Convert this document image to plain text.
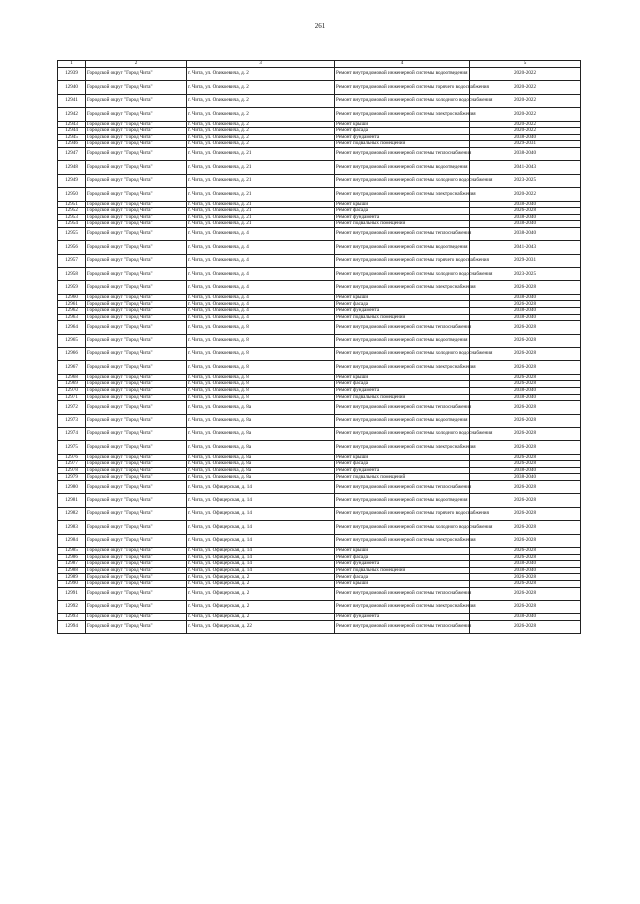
261
1	2	3	4	5
12939	Городской округ "Город Чита"	г. Чита, ул. Onикоевича, д. 2	Ремонт внутридомовой инженерной системы водоотведения	2020-2022
12940	Городской округ "Город Чита"	г. Чита, ул. Onикоевича, д. 2	Ремонт внутридомовой инженерной системы горячего водоснабжения	2020-2022
12941	Городской округ "Город Чита"	г. Чита, ул. Onикоевича, д. 2	Ремонт внутридомовой инженерной системы холодного водоснабжения	2020-2022
12942	Городской округ "Город Чита"	г. Чита, ул. Onикоевича, д. 2	Ремонт внутридомовой инженерной системы электроснабжения	2020-2022
12943	Городской округ "Город Чита"	г. Чита, ул. Onикоевича, д. 2	Ремонт крыши	2020-2022
12944	Городской округ "Город Чита"	г. Чита, ул. Onикоевича, д. 2	Ремонт фасада	2020-2022
12945	Городской округ "Город Чита"	г. Чита, ул. Onикоевича, д. 2	Ремонт фундамента	2038-2040
12946	Городской округ "Город Чита"	г. Чита, ул. Onикоевича, д. 2	Ремонт подвальных помещений	2029-2031
12947	Городской округ "Город Чита"	г. Чита, ул. Onикоевича, д. 21	Ремонт внутридомовой инженерной системы теплоснабжения	2038-2040
12948	Городской округ "Город Чита"	г. Чита, ул. Onикоевича, д. 21	Ремонт внутридомовой инженерной системы водоотведения	2041-2043
12949	Городской округ "Город Чита"	г. Чита, ул. Onикоевича, д. 21	Ремонт внутридомовой инженерной системы холодного водоснабжения	2023-2025
12950	Городской округ "Город Чита"	г. Чита, ул. Onикоевича, д. 21	Ремонт внутридомовой инженерной системы электроснабжения	2020-2022
12951	Городской округ "Город Чита"	г. Чита, ул. Onикоевича, д. 21	Ремонт крыши	2038-2040
12952	Городской округ "Город Чита"	г. Чита, ул. Onикоевича, д. 21	Ремонт фасада	2026-2028
12953	Городской округ "Город Чита"	г. Чита, ул. Onикоевича, д. 21	Ремонт фундамента	2038-2040
12954	Городской округ "Город Чита"	г. Чита, ул. Onикоевича, д. 21	Ремонт подвальных помещений	2038-2040
12955	Городской округ "Город Чита"	г. Чита, ул. Onикоевича, д. 4	Ремонт внутридомовой инженерной системы теплоснабжения	2038-2040
12956	Городской округ "Город Чита"	г. Чита, ул. Onикоевича, д. 4	Ремонт внутридомовой инженерной системы водоотведения	2041-2043
12957	Городской округ "Город Чита"	г. Чита, ул. Onикоевича, д. 4	Ремонт внутридомовой инженерной системы горячего водоснабжения	2029-2031
12958	Городской округ "Город Чита"	г. Чита, ул. Onикоевича, д. 4	Ремонт внутридомовой инженерной системы холодного водоснабжения	2023-2025
12959	Городской округ "Город Чита"	г. Чита, ул. Onикоевича, д. 4	Ремонт внутридомовой инженерной системы электроснабжения	2026-2028
12960	Городской округ "Город Чита"	г. Чита, ул. Onикоевича, д. 4	Ремонт крыши	2038-2040
12961	Городской округ "Город Чита"	г. Чита, ул. Onикоевича, д. 4	Ремонт фасада	2026-2028
12962	Городской округ "Город Чита"	г. Чита, ул. Onикоевича, д. 4	Ремонт фундамента	2038-2040
12963	Городской округ "Город Чита"	г. Чита, ул. Onикоевича, д. 4	Ремонт подвальных помещений	2038-2040
12964	Городской округ "Город Чита"	г. Чита, ул. Onикоевича, д. 8	Ремонт внутридомовой инженерной системы теплоснабжения	2026-2028
12965	Городской округ "Город Чита"	г. Чита, ул. Onикоевича, д. 8	Ремонт внутридомовой инженерной системы водоотведения	2026-2028
12966	Городской округ "Город Чита"	г. Чита, ул. Onикоевича, д. 8	Ремонт внутридомовой инженерной системы холодного водоснабжения	2026-2028
12967	Городской округ "Город Чита"	г. Чита, ул. Onикоевича, д. 8	Ремонт внутридомовой инженерной системы электроснабжения	2026-2028
12968	Городской округ "Город Чита"	г. Чита, ул. Onикоевича, д. 8	Ремонт крыши	2026-2028
12969	Городской округ "Город Чита"	г. Чита, ул. Onикоевича, д. 8	Ремонт фасада	2026-2028
12970	Городской округ "Город Чита"	г. Чита, ул. Onикоевича, д. 8	Ремонт фундамента	2038-2040
12971	Городской округ "Город Чита"	г. Чита, ул. Onикоевича, д. 8	Ремонт подвальных помещений	2038-2040
12972	Городской округ "Город Чита"	г. Чита, ул. Onикоевича, д. 8а	Ремонт внутридомовой инженерной системы теплоснабжения	2026-2028
12973	Городской округ "Город Чита"	г. Чита, ул. Onикоевича, д. 8а	Ремонт внутридомовой инженерной системы водоотведения	2026-2028
12974	Городской округ "Город Чита"	г. Чита, ул. Onикоевича, д. 8а	Ремонт внутридомовой инженерной системы холодного водоснабжения	2026-2028
12975	Городской округ "Город Чита"	г. Чита, ул. Onикоевича, д. 8а	Ремонт внутридомовой инженерной системы электроснабжения	2026-2028
12976	Городской округ "Город Чита"	г. Чита, ул. Onикоевича, д. 8а	Ремонт крыши	2026-2028
12977	Городской округ "Город Чита"	г. Чита, ул. Onикоевича, д. 8а	Ремонт фасада	2026-2028
12978	Городской округ "Город Чита"	г. Чита, ул. Onикоевича, д. 8а	Ремонт фундамента	2038-2040
12979	Городской округ "Город Чита"	г. Чита, ул. Onикоевича, д. 8а	Ремонт подвальных помещений	2038-2040
12980	Городской округ "Город Чита"	г. Чита, ул. Офицерская, д. 14	Ремонт внутридомовой инженерной системы теплоснабжения	2026-2028
12981	Городской округ "Город Чита"	г. Чита, ул. Офицерская, д. 14	Ремонт внутридомовой инженерной системы водоотведения	2026-2028
12982	Городской округ "Город Чита"	г. Чита, ул. Офицерская, д. 14	Ремонт внутридомовой инженерной системы горячего водоснабжения	2026-2028
12983	Городской округ "Город Чита"	г. Чита, ул. Офицерская, д. 14	Ремонт внутридомовой инженерной системы холодного водоснабжения	2026-2028
12984	Городской округ "Город Чита"	г. Чита, ул. Офицерская, д. 14	Ремонт внутридомовой инженерной системы электроснабжения	2026-2028
12985	Городской округ "Город Чита"	г. Чита, ул. Офицерская, д. 14	Ремонт крыши	2026-2028
12986	Городской округ "Город Чита"	г. Чита, ул. Офицерская, д. 14	Ремонт фасада	2026-2028
12987	Городской округ "Город Чита"	г. Чита, ул. Офицерская, д. 14	Ремонт фундамента	2038-2040
12988	Городской округ "Город Чита"	г. Чита, ул. Офицерская, д. 14	Ремонт подвальных помещений	2038-2040
12989	Городской округ "Город Чита"	г. Чита, ул. Офицерская, д. 2	Ремонт фасада	2026-2028
12990	Городской округ "Город Чита"	г. Чита, ул. Офицерская, д. 2	Ремонт крыши	2026-2028
12991	Городской округ "Город Чита"	г. Чита, ул. Офицерская, д. 2	Ремонт внутридомовой инженерной системы теплоснабжения	2026-2028
12992	Городской округ "Город Чита"	г. Чита, ул. Офицерская, д. 2	Ремонт внутридомовой инженерной системы электроснабжения	2026-2028
12993	Городской округ "Город Чита"	г. Чита, ул. Офицерская, д. 2	Ремонт фундамента	2038-2040
12994	Городской округ "Город Чита"	г. Чита, ул. Офицерская, д. 22	Ремонт внутридомовой инженерной системы теплоснабжения	2026-2028
